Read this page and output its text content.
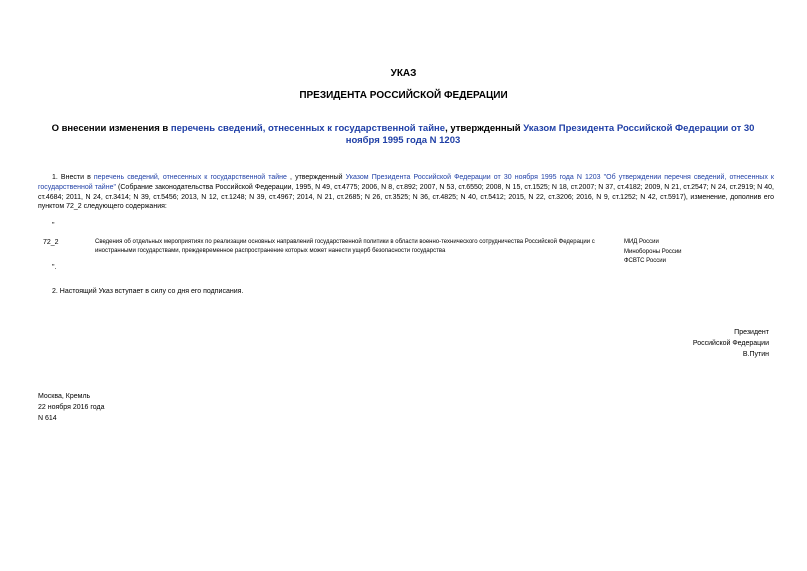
УКАЗ
ПРЕЗИДЕНТА РОССИЙСКОЙ ФЕДЕРАЦИИ
О внесении изменения в перечень сведений, отнесенных к государственной тайне, утвержденный Указом Президента Российской Федерации от 30 ноября 1995 года N 1203
1. Внести в перечень сведений, отнесенных к государственной тайне , утвержденный Указом Президента Российской Федерации от 30 ноября 1995 года N 1203 "Об утверждении перечня сведений, отнесенных к государственной тайне" (Собрание законодательства Российской Федерации, 1995, N 49, ст.4775; 2006, N 8, ст.892; 2007, N 53, ст.6550; 2008, N 15, ст.1525; N 18, ст.2007; N 37, ст.4182; 2009, N 21, ст.2547; N 24, ст.2919; N 40, ст.4684; 2011, N 24, ст.3414; N 39, ст.5456; 2013, N 12, ст.1248; N 39, ст.4967; 2014, N 21, ст.2685; N 26, ст.3525; N 36, ст.4825; N 40, ст.5412; 2015, N 22, ст.3206; 2016, N 9, ст.1252; N 42, ст.5917), изменение, дополнив его пунктом 72_2 следующего содержания:
"
72_2	Сведения об отдельных мероприятиях по реализации основных направлений государственной политики в области военно-технического сотрудничества Российской Федерации с иностранными государствами, преждевременное распространение которых может нанести ущерб безопасности государства
МИД России
Минобороны России
ФСВТС России
".
2. Настоящий Указ вступает в силу со дня его подписания.
Президент
Российской Федерации
В.Путин
Москва, Кремль
22 ноября 2016 года
N 614
